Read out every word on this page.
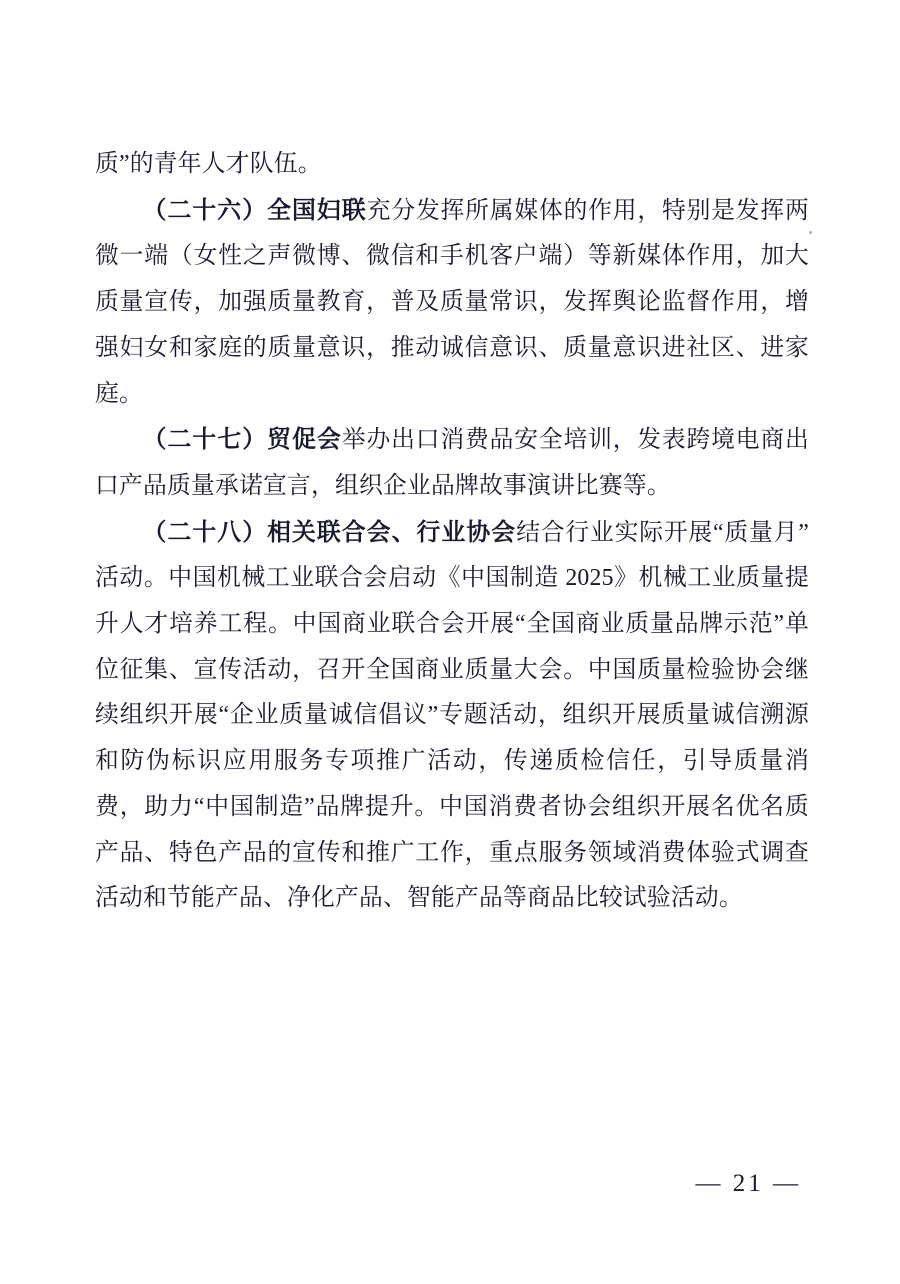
质”的青年人才队伍。

（二十六）全国妇联充分发挥所属媒体的作用，特别是发挥两微一端（女性之声微博、微信和手机客户端）等新媒体作用，加大质量宣传，加强质量教育，普及质量常识，发挥舆论监督作用，增强妇女和家庭的质量意识，推动诚信意识、质量意识进社区、进家庭。

（二十七）贸促会举办出口消费品安全培训，发表跨境电商出口产品质量承诺宣言，组织企业品牌故事演讲比赛等。

（二十八）相关联合会、行业协会结合行业实际开展“质量月”活动。中国机械工业联合会启动《中国制造 2025》机械工业质量提升人才培养工程。中国商业联合会开展“全国商业质量品牌示范”单位征集、宣传活动，召开全国商业质量大会。中国质量检验协会继续组织开展“企业质量诚信倡议”专题活动，组织开展质量诚信溯源和防伪标识应用服务专项推广活动，传递质检信任，引导质量消费，助力“中国制造”品牌提升。中国消费者协会组织开展名优名质产品、特色产品的宣传和推广工作，重点服务领域消费体验式调查活动和节能产品、净化产品、智能产品等商品比较试验活动。

— 21 —
